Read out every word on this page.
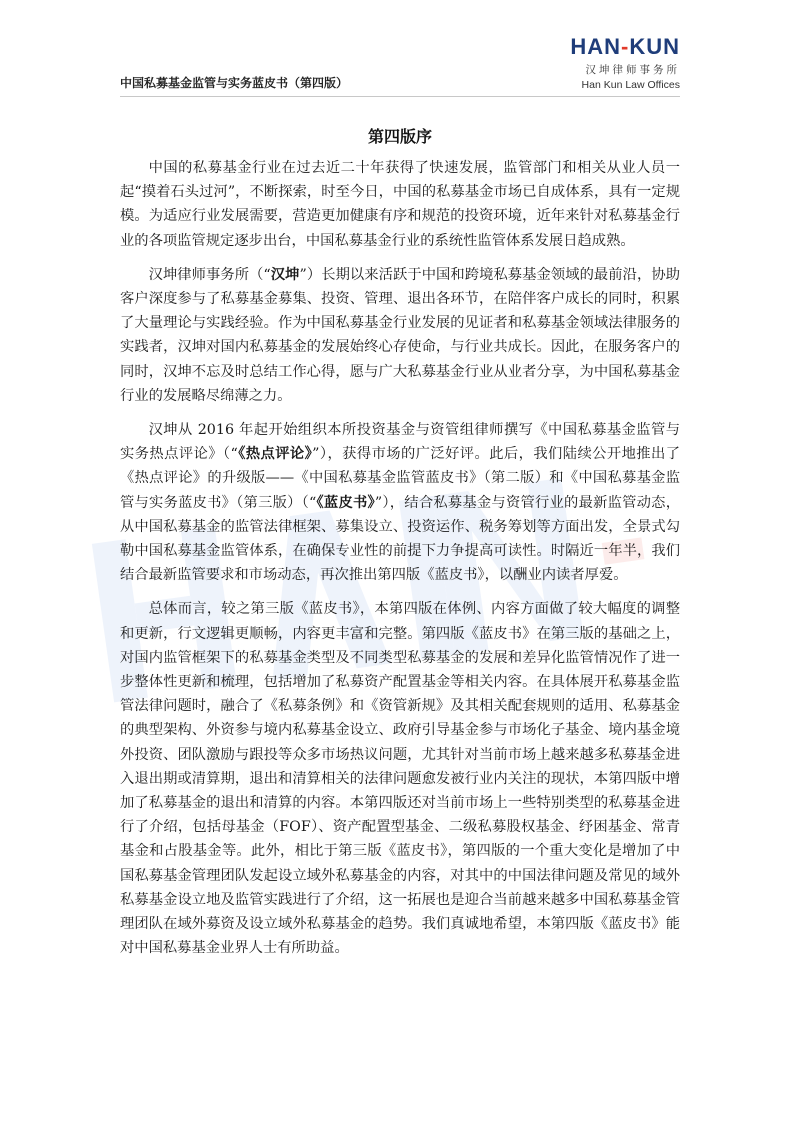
中国私募基金监管与实务蓝皮书（第四版）
HAN-KUN
汉坤律师事务所
Han Kun Law Offices
第四版序

中国的私募基金行业在过去近二十年获得了快速发展，监管部门和相关从业人员一起“摸着石头过河”，不断探索，时至今日，中国的私募基金市场已自成体系，具有一定规模。为适应行业发展需要，营造更加健康有序和规范的投资环境，近年来针对私募基金行业的各项监管规定逐步出台，中国私募基金行业的系统性监管体系发展日趋成熟。

汉坤律师事务所（“汉坤”）长期以来活跃于中国和跨境私募基金领域的最前沿，协助客户深度参与了私募基金募集、投资、管理、退出各环节，在陪伴客户成长的同时，积累了大量理论与实践经验。作为中国私募基金行业发展的见证者和私募基金领域法律服务的实践者，汉坤对国内私募基金的发展始终心存使命，与行业共成长。因此，在服务客户的同时，汉坤不忘及时总结工作心得，愿与广大私募基金行业从业者分享，为中国私募基金行业的发展略尽绵薄之力。

汉坤从 2016 年起开始组织本所投资基金与资管组律师撰写《中国私募基金监管与实务热点评论》（“《热点评论》”），获得市场的广泛好评。此后，我们陆续公开地推出了《热点评论》的升级版——《中国私募基金监管蓝皮书》（第二版）和《中国私募基金监管与实务蓝皮书》（第三版）（“《蓝皮书》”），结合私募基金与资管行业的最新监管动态，从中国私募基金的监管法律框架、募集设立、投资运作、税务筹划等方面出发，全景式勾勒中国私募基金监管体系，在确保专业性的前提下力争提高可读性。时隔近一年半，我们结合最新监管要求和市场动态，再次推出第四版《蓝皮书》，以酬业内读者厚爱。

总体而言，较之第三版《蓝皮书》，本第四版在体例、内容方面做了较大幅度的调整和更新，行文逻辑更顺畅，内容更丰富和完整。第四版《蓝皮书》在第三版的基础之上，对国内监管框架下的私募基金类型及不同类型私募基金的发展和差异化监管情况作了进一步整体性更新和梳理，包括增加了私募资产配置基金等相关内容。在具体展开私募基金监管法律问题时，融合了《私募条例》和《资管新规》及其相关配套规则的适用、私募基金的典型架构、外资参与境内私募基金设立、政府引导基金参与市场化子基金、境内基金境外投资、团队激励与跟投等众多市场热议问题，尤其针对当前市场上越来越多私募基金进入退出期或清算期，退出和清算相关的法律问题愈发被行业内关注的现状，本第四版中增加了私募基金的退出和清算的内容。本第四版还对当前市场上一些特别类型的私募基金进行了介绍，包括母基金（FOF）、资产配置型基金、二级私募股权基金、纾困基金、常青基金和占股基金等。此外，相比于第三版《蓝皮书》，第四版的一个重大变化是增加了中国私募基金管理团队发起设立域外私募基金的内容，对其中的中国法律问题及常见的域外私募基金设立地及监管实践进行了介绍，这一拓展也是迎合当前越来越多中国私募基金管理团队在域外募资及设立域外私募基金的趋势。我们真诚地希望，本第四版《蓝皮书》能对中国私募基金业界人士有所助益。
